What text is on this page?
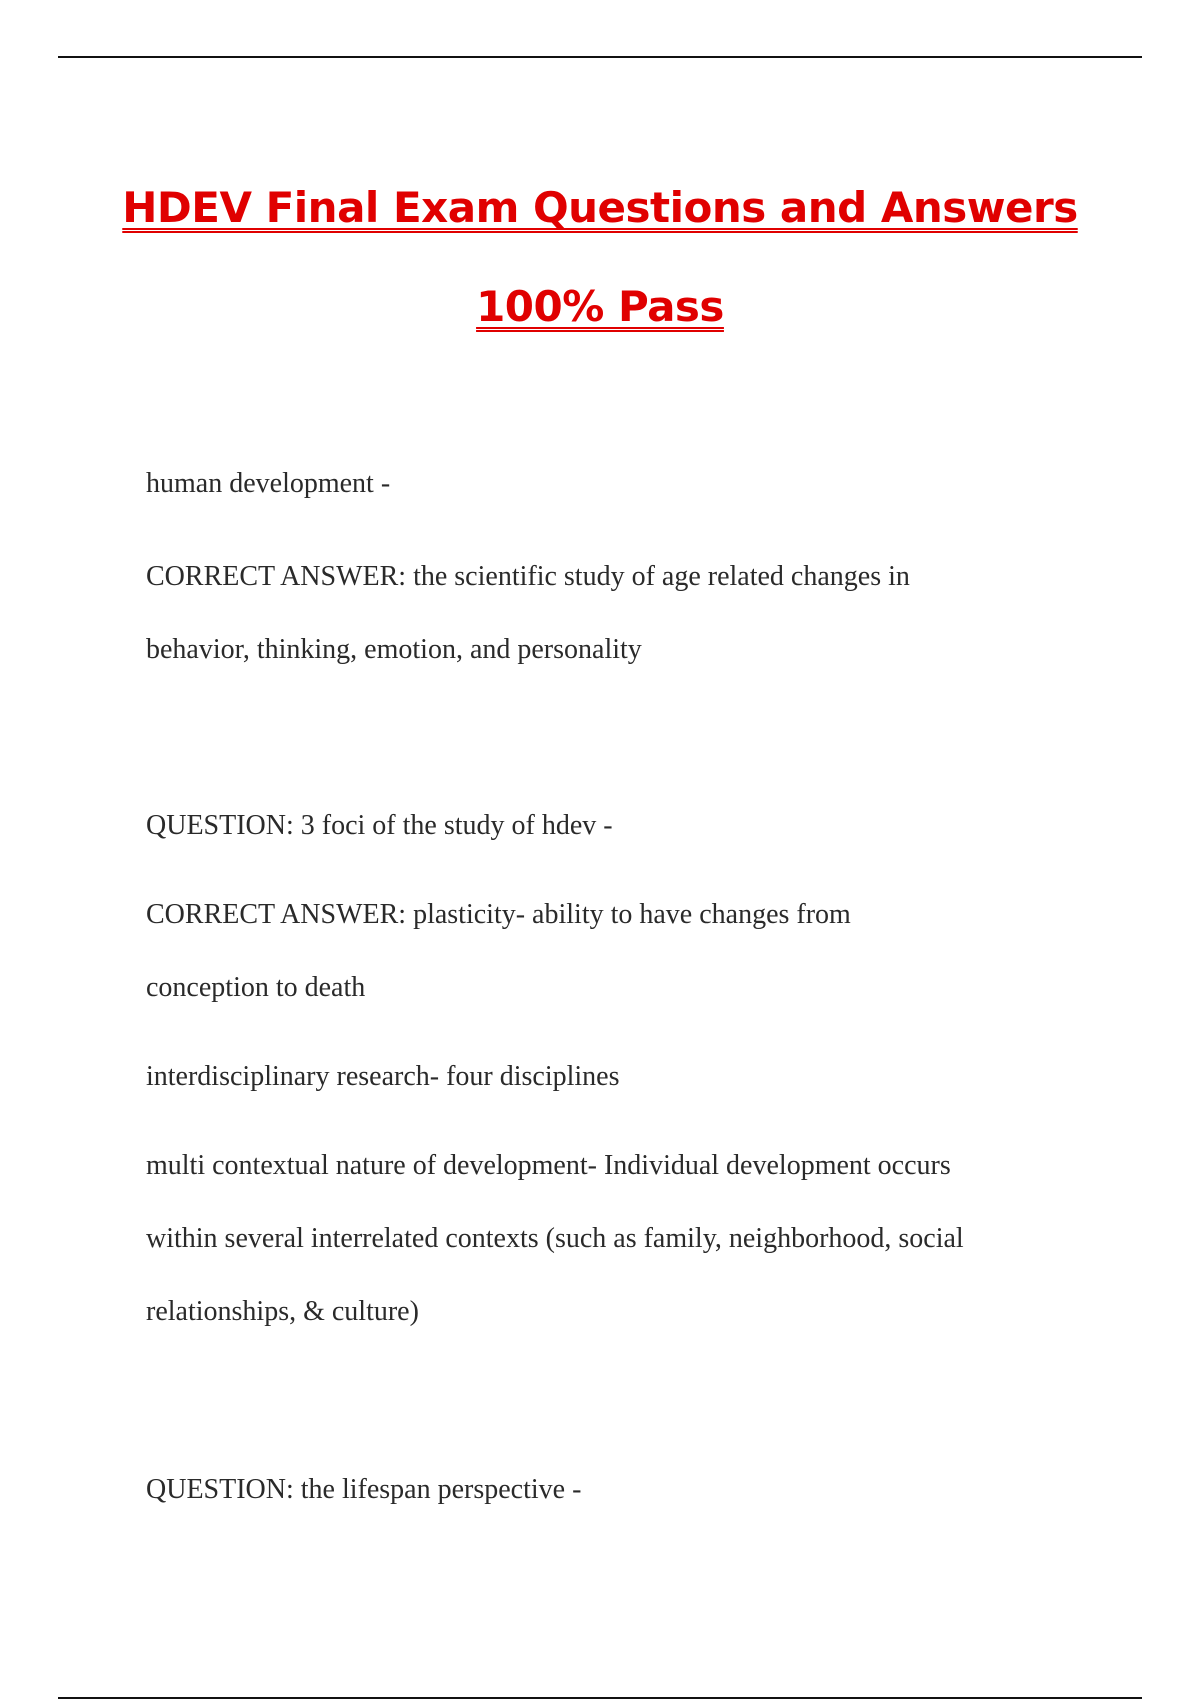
HDEV Final Exam Questions and Answers
100% Pass

human development -

CORRECT ANSWER: the scientific study of age related changes in

behavior, thinking, emotion, and personality

QUESTION: 3 foci of the study of hdev -

CORRECT ANSWER: plasticity- ability to have changes from

conception to death

interdisciplinary research- four disciplines

multi contextual nature of development- Individual development occurs

within several interrelated contexts (such as family, neighborhood, social

relationships, & culture)

QUESTION: the lifespan perspective -
